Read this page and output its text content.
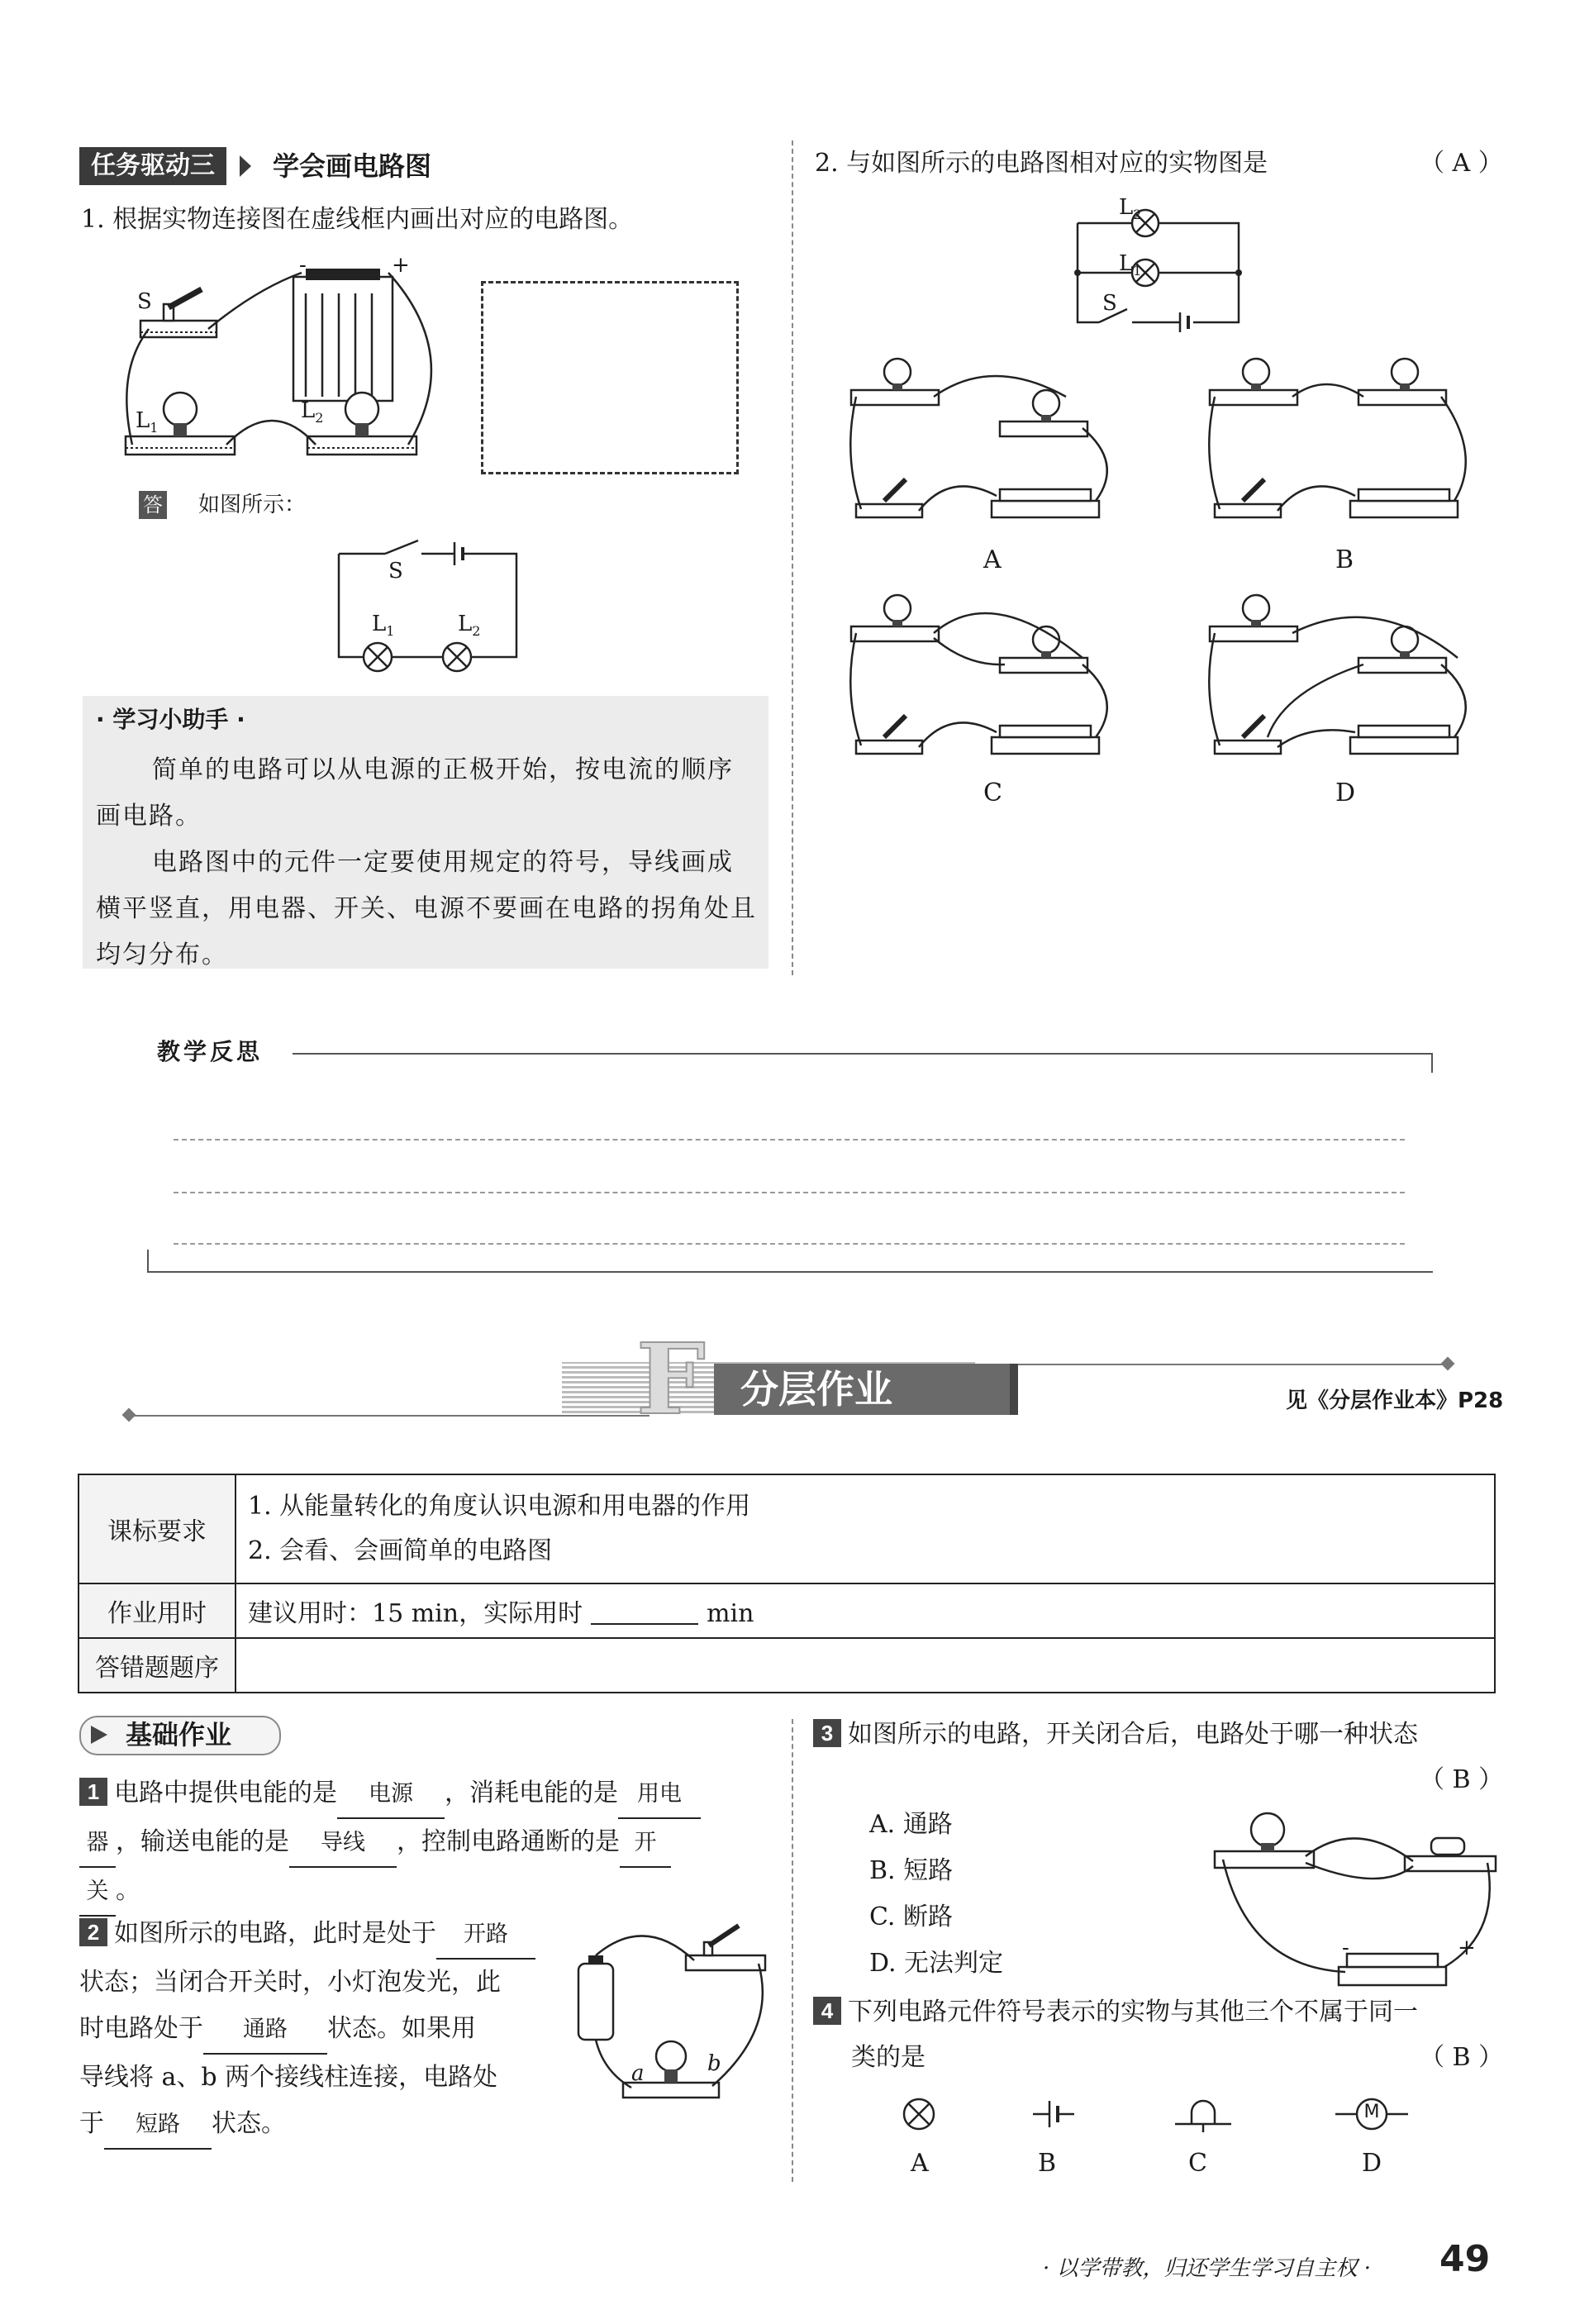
任务驱动三	学会画电路图
1. 根据实物连接图在虚线框内画出对应的电路图。
S
$L_1$
$L_2$
-	+
答 如图所示：
S
$L_1$	$L_2$
· 学习小助手 ·
简单的电路可以从电源的正极开始，按电流的顺序画电路。
电路图中的元件一定要使用规定的符号，导线画成横平竖直，用电器、开关、电源不要画在电路的拐角处且均匀分布。
2. 与如图所示的电路图相对应的实物图是	（ A ）
$L_2$
$L_1$
S
A	B
C	D
教学反思
F 分层作业	见《分层作业本》P28
课标要求	1. 从能量转化的角度认识电源和用电器的作用
2. 会看、会画简单的电路图

作业用时	建议用时：15 min，实际用时 min
答错题题序	
基础作业
1 电路中提供电能的是 电源 ，消耗电能的是 用电
器 ，输送电能的是 导线 ，控制电路通断的是 开
关 。
2 如图所示的电路，此时是处于 开路
状态；当闭合开关时，小灯泡发光，此
时电路处于 通路 状态。如果用
导线将 a、b 两个接线柱连接，电路处
于 短路 状态。
a	b
3 如图所示的电路，开关闭合后，电路处于哪一种状态
（ B ）
A. 通路
B. 短路
C. 断路
D. 无法判定
-	+
4 下列电路元件符号表示的实物与其他三个不属于同一
类的是	（ B ）
M
A	B	C	D
· 以学带教，归还学生学习自主权 · 49
